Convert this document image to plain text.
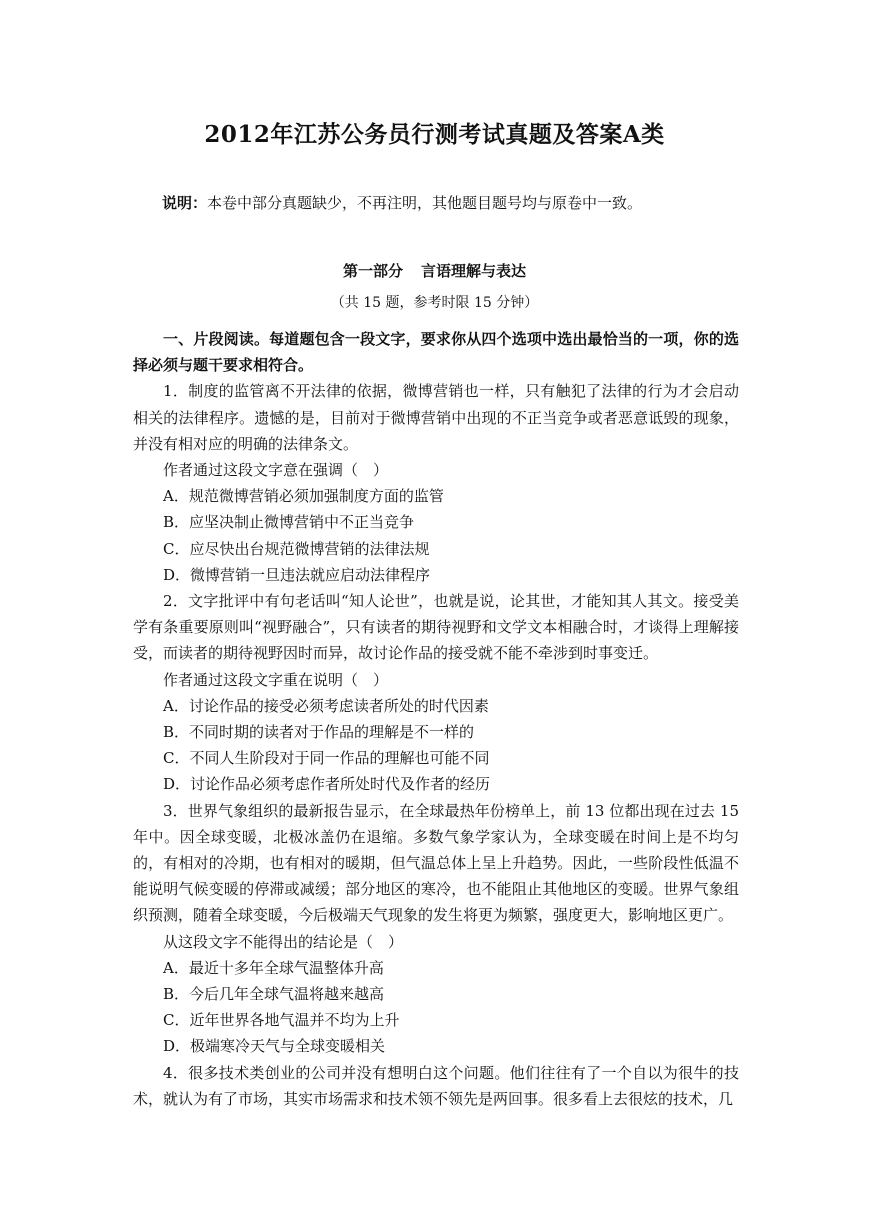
2012年江苏公务员行测考试真题及答案A类
说明：本卷中部分真题缺少，不再注明，其他题目题号均与原卷中一致。
第一部分 言语理解与表达
（共 15 题，参考时限 15 分钟）

一、片段阅读。每道题包含一段文字，要求你从四个选项中选出最恰当的一项，你的选择必须与题干要求相符合。

1．制度的监管离不开法律的依据，微博营销也一样，只有触犯了法律的行为才会启动相关的法律程序。遗憾的是，目前对于微博营销中出现的不正当竞争或者恶意诋毁的现象，并没有相对应的明确的法律条文。

作者通过这段文字意在强调（　）

A．规范微博营销必须加强制度方面的监管

B．应坚决制止微博营销中不正当竞争

C．应尽快出台规范微博营销的法律法规

D．微博营销一旦违法就应启动法律程序

2．文字批评中有句老话叫“知人论世”，也就是说，论其世，才能知其人其文。接受美学有条重要原则叫“视野融合”，只有读者的期待视野和文学文本相融合时，才谈得上理解接受，而读者的期待视野因时而异，故讨论作品的接受就不能不牵涉到时事变迁。

作者通过这段文字重在说明（　）

A．讨论作品的接受必须考虑读者所处的时代因素

B．不同时期的读者对于作品的理解是不一样的

C．不同人生阶段对于同一作品的理解也可能不同

D．讨论作品必须考虑作者所处时代及作者的经历

3．世界气象组织的最新报告显示，在全球最热年份榜单上，前 13 位都出现在过去 15 年中。因全球变暖，北极冰盖仍在退缩。多数气象学家认为，全球变暖在时间上是不均匀的，有相对的冷期，也有相对的暖期，但气温总体上呈上升趋势。因此，一些阶段性低温不能说明气候变暖的停滞或减缓；部分地区的寒冷，也不能阻止其他地区的变暖。世界气象组织预测，随着全球变暖，今后极端天气现象的发生将更为频繁，强度更大，影响地区更广。

从这段文字不能得出的结论是（　）

A．最近十多年全球气温整体升高

B．今后几年全球气温将越来越高

C．近年世界各地气温并不均为上升

D．极端寒冷天气与全球变暖相关

4．很多技术类创业的公司并没有想明白这个问题。他们往往有了一个自以为很牛的技术，就认为有了市场，其实市场需求和技术领不领先是两回事。很多看上去很炫的技术，几
